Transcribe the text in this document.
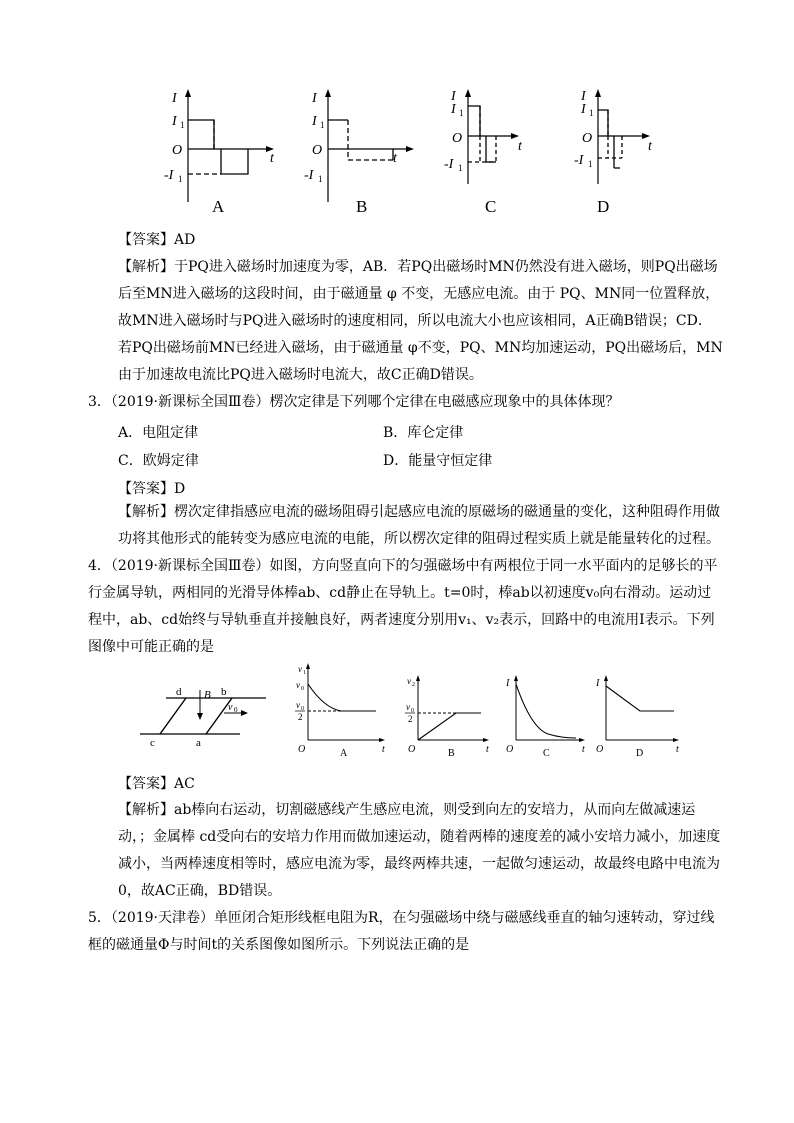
I
t
O
I 1
-I 1
I
t
O
I 1
-I 1
I
t
O
I 1
-I 1
I
t
O
I 1
-I 1
A	B	C	D
【答案】AD
【解析】于PQ进入磁场时加速度为零，AB．若PQ出磁场时MN仍然没有进入磁场，则PQ出磁场后至MN进入磁场的这段时间，由于磁通量 φ 不变，无感应电流。由于 PQ、MN同一位置释放，故MN进入磁场时与PQ进入磁场时的速度相同，所以电流大小也应该相同，A正确B错误；CD．若PQ出磁场前MN已经进入磁场，由于磁通量 φ不变，PQ、MN均加速运动，PQ出磁场后，MN由于加速故电流比PQ进入磁场时电流大，故C正确D错误。
3．（2019·新课标全国Ⅲ卷）楞次定律是下列哪个定律在电磁感应现象中的具体体现？
A．电阻定律	B．库仑定律
C．欧姆定律	D．能量守恒定律
【答案】D
【解析】楞次定律指感应电流的磁场阻碍引起感应电流的原磁场的磁通量的变化，这种阻碍作用做功将其他形式的能转变为感应电流的电能，所以楞次定律的阻碍过程实质上就是能量转化的过程。
4．（2019·新课标全国Ⅲ卷）如图，方向竖直向下的匀强磁场中有两根位于同一水平面内的足够长的平行金属导轨，两相同的光滑导体棒ab、cd静止在导轨上。t=0时，棒ab以初速度v₀向右滑动。运动过程中，ab、cd始终与导轨垂直并接触良好，两者速度分别用v₁、v₂表示，回路中的电流用I表示。下列图像中可能正确的是
d	b
c	a
B
v 0
v 1
v 0
v 0
2
O	t
A
v 2
v 0
2
O	t
B
I
O	t
C
I
O	t
D
【答案】AC
【解析】ab棒向右运动，切割磁感线产生感应电流，则受到向左的安培力，从而向左做减速运动，；金属棒 cd受向右的安培力作用而做加速运动，随着两棒的速度差的减小安培力减小，加速度减小，当两棒速度相等时，感应电流为零，最终两棒共速，一起做匀速运动，故最终电路中电流为0，故AC正确，BD错误。
5．（2019·天津卷）单匝闭合矩形线框电阻为R，在匀强磁场中绕与磁感线垂直的轴匀速转动，穿过线框的磁通量Φ与时间t的关系图像如图所示。下列说法正确的是
